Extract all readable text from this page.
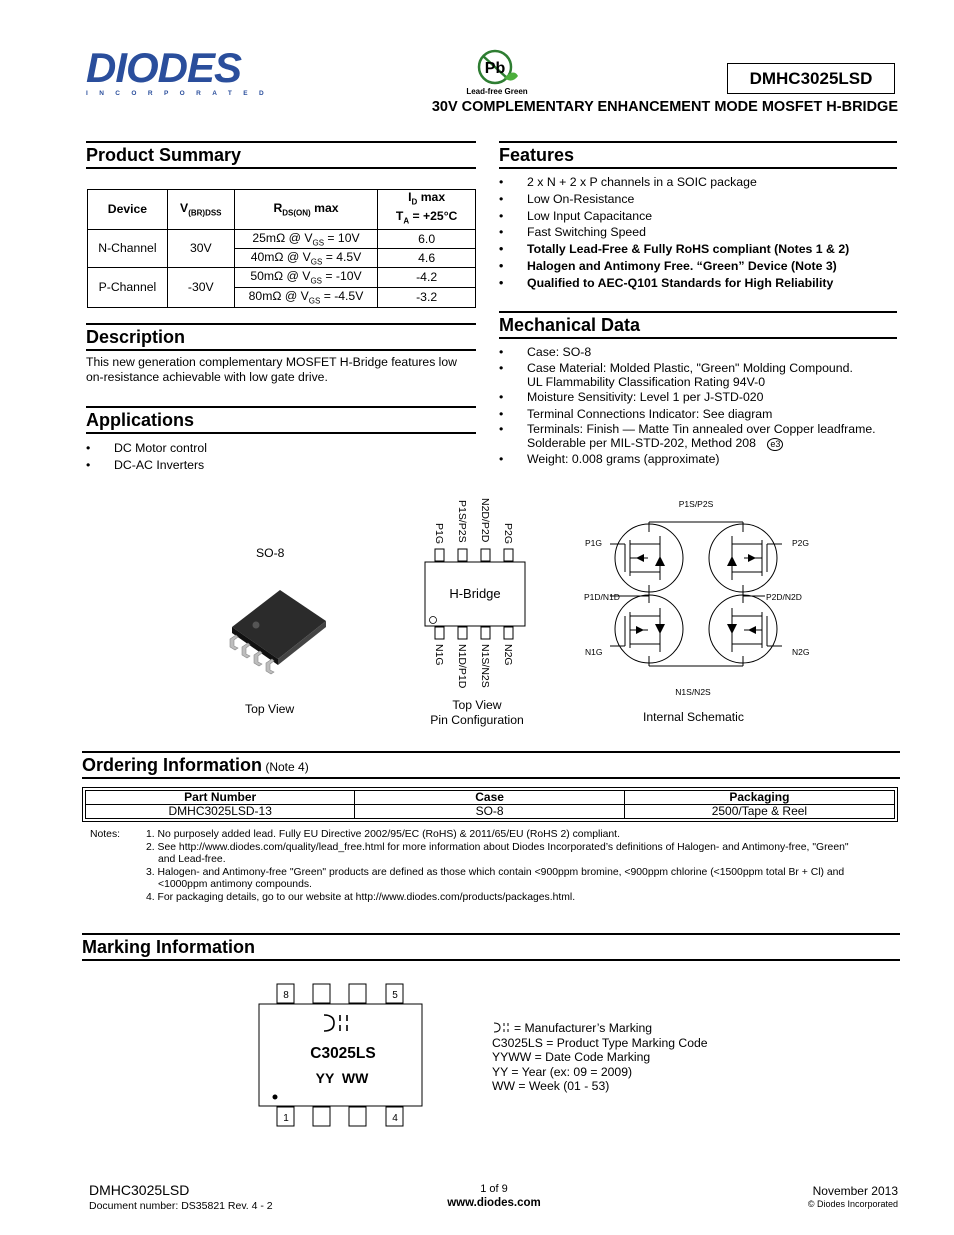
DIODES
INCORPORATED
Pb
Lead-free Green
DMHC3025LSD
30V COMPLEMENTARY ENHANCEMENT MODE MOSFET H-BRIDGE
Product Summary
Device	$V_{(BR)DSS}$	$R_{DS(ON)}$ max	$I_D$ max
$T_A = +25^\circ C$
N-Channel	30V	25mΩ @ $V_{GS} = 10V$	6.0
		40mΩ @ $V_{GS} = 4.5V$	4.6
P-Channel	-30V	50mΩ @ $V_{GS} = -10V$	-4.2
		80mΩ @ $V_{GS} = -4.5V$	-3.2
Description
This new generation complementary MOSFET H-Bridge features low on-resistance achievable with low gate drive.
Applications
• DC Motor control
• DC-AC Inverters
Features
• 2 x N + 2 x P channels in a SOIC package
• Low On-Resistance
• Low Input Capacitance
• Fast Switching Speed
• Totally Lead-Free & Fully RoHS compliant (Notes 1 & 2)
• Halogen and Antimony Free. “Green” Device (Note 3)
• Qualified to AEC-Q101 Standards for High Reliability
Mechanical Data
• Case: SO-8
• Case Material: Molded Plastic, "Green" Molding Compound.
UL Flammability Classification Rating 94V-0
• Moisture Sensitivity: Level 1 per J-STD-020
• Terminal Connections Indicator: See diagram
• Terminals: Finish — Matte Tin annealed over Copper leadframe.
Solderable per MIL-STD-202, Method 208 e3
• Weight: 0.008 grams (approximate)
SO-8
Top View
H-Bridge
P1G P1S/P2S N2D/P2D P2G
N1G N1D/P1D N1S/N2S N2G
Top View
Pin Configuration
P1S/P2S
P1G	P2G
P1D/N1D	P2D/N2D
N1G	N2G
N1S/N2S
Internal Schematic
Ordering Information (Note 4)
Part Number	Case	Packaging
DMHC3025LSD-13	SO-8	2500/Tape & Reel
Notes: 1. No purposely added lead. Fully EU Directive 2002/95/EC (RoHS) & 2011/65/EU (RoHS 2) compliant.
2. See http://www.diodes.com/quality/lead_free.html for more information about Diodes Incorporated’s definitions of Halogen- and Antimony-free, "Green"
and Lead-free.
3. Halogen- and Antimony-free "Green" products are defined as those which contain <900ppm bromine, <900ppm chlorine (<1500ppm total Br + Cl) and
<1000ppm antimony compounds.
4. For packaging details, go to our website at http://www.diodes.com/products/packages.html.
Marking Information
8	5
1	4
C3025LS
YY  WW
= Manufacturer’s Marking
C3025LS = Product Type Marking Code
YYWW = Date Code Marking
YY = Year (ex: 09 = 2009)
WW = Week (01 - 53)
DMHC3025LSD
Document number: DS35821 Rev. 4 - 2
1 of 9
www.diodes.com
November 2013
© Diodes Incorporated
